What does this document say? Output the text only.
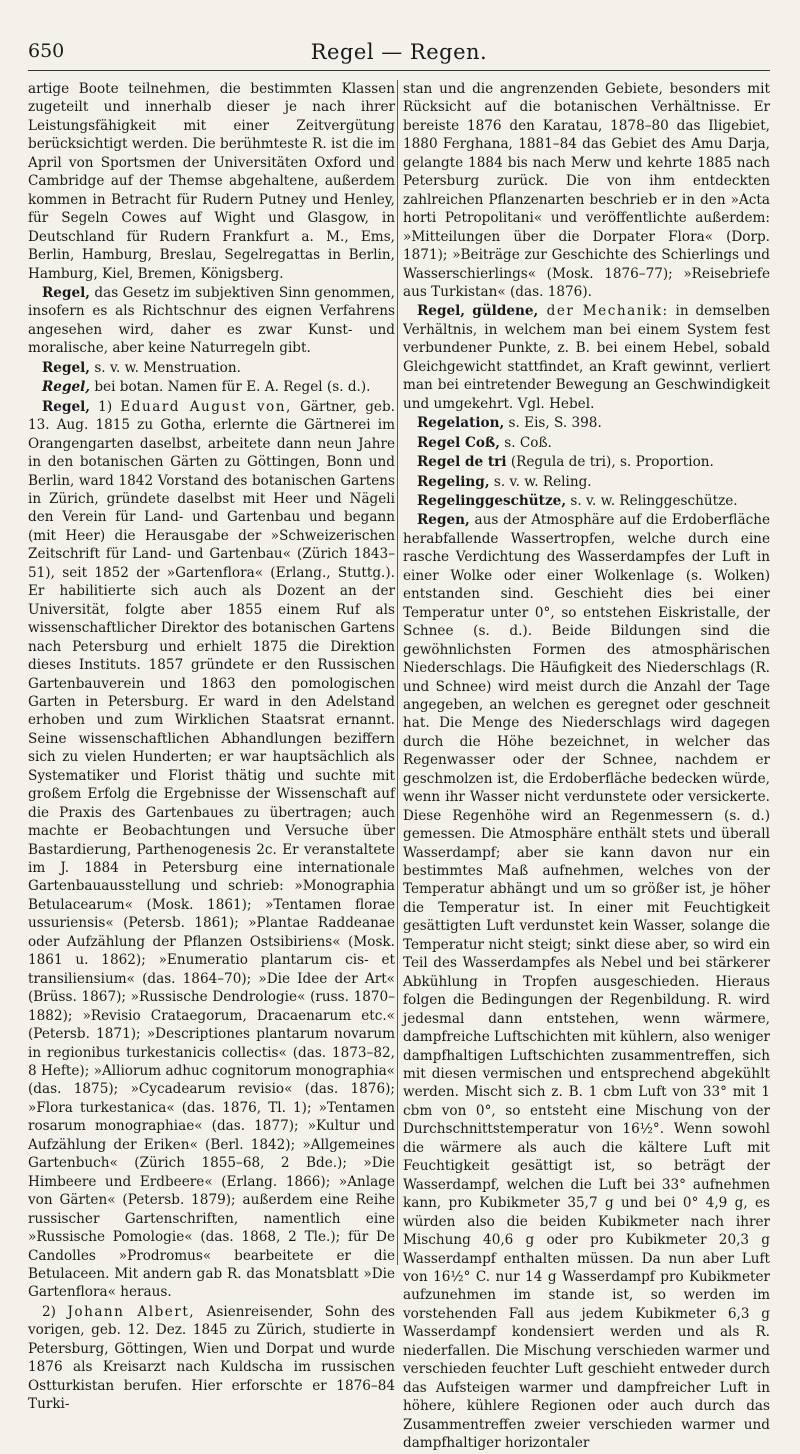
650	Regel — Regen.

artige Boote teilnehmen, die bestimmten Klassen zugeteilt und innerhalb dieser je nach ihrer Leistungsfähigkeit mit einer Zeitvergütung berücksichtigt werden. Die berühmteste R. ist die im April von Sportsmen der Universitäten Oxford und Cambridge auf der Themse abgehaltene, außerdem kommen in Betracht für Rudern Putney und Henley, für Segeln Cowes auf Wight und Glasgow, in Deutschland für Rudern Frankfurt a. M., Ems, Berlin, Hamburg, Breslau, Segelregattas in Berlin, Hamburg, Kiel, Bremen, Königsberg.

Regel, das Gesetz im subjektiven Sinn genommen, insofern es als Richtschnur des eignen Verfahrens angesehen wird, daher es zwar Kunst- und moralische, aber keine Naturregeln gibt.

Regel, s. v. w. Menstruation.

Regel, bei botan. Namen für E. A. Regel (s. d.).

Regel, 1) Eduard August von, Gärtner, geb. 13. Aug. 1815 zu Gotha, erlernte die Gärtnerei im Orangengarten daselbst, arbeitete dann neun Jahre in den botanischen Gärten zu Göttingen, Bonn und Berlin, ward 1842 Vorstand des botanischen Gartens in Zürich, gründete daselbst mit Heer und Nägeli den Verein für Land- und Gartenbau und begann (mit Heer) die Herausgabe der »Schweizerischen Zeitschrift für Land- und Gartenbau« (Zürich 1843–51), seit 1852 der »Gartenflora« (Erlang., Stuttg.). Er habilitierte sich auch als Dozent an der Universität, folgte aber 1855 einem Ruf als wissenschaftlicher Direktor des botanischen Gartens nach Petersburg und erhielt 1875 die Direktion dieses Instituts. 1857 gründete er den Russischen Gartenbauverein und 1863 den pomologischen Garten in Petersburg. Er ward in den Adelstand erhoben und zum Wirklichen Staatsrat ernannt. Seine wissenschaftlichen Abhandlungen beziffern sich zu vielen Hunderten; er war hauptsächlich als Systematiker und Florist thätig und suchte mit großem Erfolg die Ergebnisse der Wissenschaft auf die Praxis des Gartenbaues zu übertragen; auch machte er Beobachtungen und Versuche über Bastardierung, Parthenogenesis 2c. Er veranstaltete im J. 1884 in Petersburg eine internationale Gartenbauausstellung und schrieb: »Monographia Betulacearum« (Mosk. 1861); »Tentamen florae ussuriensis« (Petersb. 1861); »Plantae Raddeanae oder Aufzählung der Pflanzen Ostsibiriens« (Mosk. 1861 u. 1862); »Enumeratio plantarum cis- et transiliensium« (das. 1864–70); »Die Idee der Art« (Brüss. 1867); »Russische Dendrologie« (russ. 1870–1882); »Revisio Crataegorum, Dracaenarum etc.« (Petersb. 1871); »Descriptiones plantarum novarum in regionibus turkestanicis collectis« (das. 1873–82, 8 Hefte); »Alliorum adhuc cognitorum monographia« (das. 1875); »Cycadearum revisio« (das. 1876); »Flora turkestanica« (das. 1876, Tl. 1); »Tentamen rosarum monographiae« (das. 1877); »Kultur und Aufzählung der Eriken« (Berl. 1842); »Allgemeines Gartenbuch« (Zürich 1855–68, 2 Bde.); »Die Himbeere und Erdbeere« (Erlang. 1866); »Anlage von Gärten« (Petersb. 1879); außerdem eine Reihe russischer Gartenschriften, namentlich eine »Russische Pomologie« (das. 1868, 2 Tle.); für De Candolles »Prodromus« bearbeitete er die Betulaceen. Mit andern gab R. das Monatsblatt »Die Gartenflora« heraus.

2) Johann Albert, Asienreisender, Sohn des vorigen, geb. 12. Dez. 1845 zu Zürich, studierte in Petersburg, Göttingen, Wien und Dorpat und wurde 1876 als Kreisarzt nach Kuldscha im russischen Ostturkistan berufen. Hier erforschte er 1876–84 Turki-

stan und die angrenzenden Gebiete, besonders mit Rücksicht auf die botanischen Verhältnisse. Er bereiste 1876 den Karatau, 1878–80 das Iligebiet, 1880 Ferghana, 1881–84 das Gebiet des Amu Darja, gelangte 1884 bis nach Merw und kehrte 1885 nach Petersburg zurück. Die von ihm entdeckten zahlreichen Pflanzenarten beschrieb er in den »Acta horti Petropolitani« und veröffentlichte außerdem: »Mitteilungen über die Dorpater Flora« (Dorp. 1871); »Beiträge zur Geschichte des Schierlings und Wasserschierlings« (Mosk. 1876–77); »Reisebriefe aus Turkistan« (das. 1876).

Regel, güldene, der Mechanik: in demselben Verhältnis, in welchem man bei einem System fest verbundener Punkte, z. B. bei einem Hebel, sobald Gleichgewicht stattfindet, an Kraft gewinnt, verliert man bei eintretender Bewegung an Geschwindigkeit und umgekehrt. Vgl. Hebel.

Regelation, s. Eis, S. 398.

Regel Coß, s. Coß.

Regel de tri (Regula de tri), s. Proportion.

Regeling, s. v. w. Reling.

Regelinggeschütze, s. v. w. Relinggeschütze.

Regen, aus der Atmosphäre auf die Erdoberfläche herabfallende Wassertropfen, welche durch eine rasche Verdichtung des Wasserdampfes der Luft in einer Wolke oder einer Wolkenlage (s. Wolken) entstanden sind. Geschieht dies bei einer Temperatur unter 0°, so entstehen Eiskristalle, der Schnee (s. d.). Beide Bildungen sind die gewöhnlichsten Formen des atmosphärischen Niederschlags. Die Häufigkeit des Niederschlags (R. und Schnee) wird meist durch die Anzahl der Tage angegeben, an welchen es geregnet oder geschneit hat. Die Menge des Niederschlags wird dagegen durch die Höhe bezeichnet, in welcher das Regenwasser oder der Schnee, nachdem er geschmolzen ist, die Erdoberfläche bedecken würde, wenn ihr Wasser nicht verdunstete oder versickerte. Diese Regenhöhe wird an Regenmessern (s. d.) gemessen. Die Atmosphäre enthält stets und überall Wasserdampf; aber sie kann davon nur ein bestimmtes Maß aufnehmen, welches von der Temperatur abhängt und um so größer ist, je höher die Temperatur ist. In einer mit Feuchtigkeit gesättigten Luft verdunstet kein Wasser, solange die Temperatur nicht steigt; sinkt diese aber, so wird ein Teil des Wasserdampfes als Nebel und bei stärkerer Abkühlung in Tropfen ausgeschieden. Hieraus folgen die Bedingungen der Regenbildung. R. wird jedesmal dann entstehen, wenn wärmere, dampfreiche Luftschichten mit kühlern, also weniger dampfhaltigen Luftschichten zusammentreffen, sich mit diesen vermischen und entsprechend abgekühlt werden. Mischt sich z. B. 1 cbm Luft von 33° mit 1 cbm von 0°, so entsteht eine Mischung von der Durchschnittstemperatur von 16½°. Wenn sowohl die wärmere als auch die kältere Luft mit Feuchtigkeit gesättigt ist, so beträgt der Wasserdampf, welchen die Luft bei 33° aufnehmen kann, pro Kubikmeter 35,7 g und bei 0° 4,9 g, es würden also die beiden Kubikmeter nach ihrer Mischung 40,6 g oder pro Kubikmeter 20,3 g Wasserdampf enthalten müssen. Da nun aber Luft von 16½° C. nur 14 g Wasserdampf pro Kubikmeter aufzunehmen im stande ist, so werden im vorstehenden Fall aus jedem Kubikmeter 6,3 g Wasserdampf kondensiert werden und als R. niederfallen. Die Mischung verschieden warmer und verschieden feuchter Luft geschieht entweder durch das Aufsteigen warmer und dampfreicher Luft in höhere, kühlere Regionen oder auch durch das Zusammentreffen zweier verschieden warmer und dampfhaltiger horizontaler
